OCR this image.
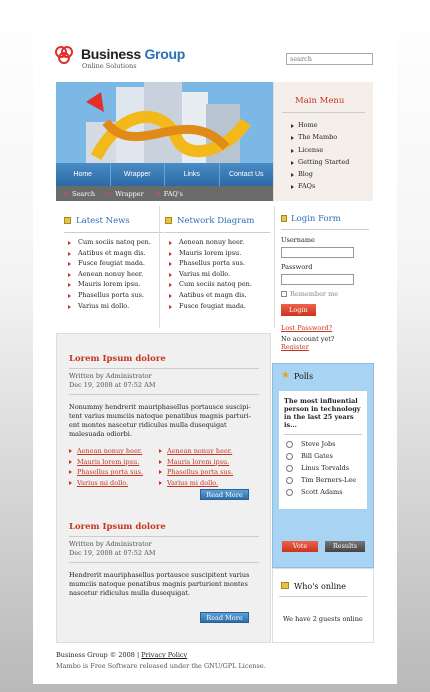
Business Group
Online Solutions
search
Home	Wrapper	Links	Contact Us
Search	Wrapper	FAQ's
Main Menu
Home
The Mambo
License
Getting Started
Blog
FAQs
Latest News
Cum sociis natoq pen.
Aatibus et magn dis.
Fusce feugiat mada.
Aenean nonuy heer.
Mauris lorem ipsu.
Phasellus porta sus.
Varius mi dollo.
Network Diagram
Aenean nonuy heer.
Mauris lorem ipsu.
Phasellus porta sus.
Varius mi dollo.
Cum sociis natoq pen.
Aatibus et magn dis.
Fusce feugiat mada.
Login Form
Username
Password
Remember me
Login
Lost Password?
No account yet?
Register
Lorem Ipsum dolore
Written by Administrator
Dec 19, 2008 at 07:52 AM

Nonummy hendrerit mauriphasellus portausce suscipi- tent varius mumciis natoque penatibus magnis parturi- ent montes nascetur ridiculus mulla dusequigat malesuada odiorbi.

Aenean nonuy heer.
Mauris lorem ipsu.
Phasellus porta sus.
Varius mi dollo.
Aenean nonuy heer.
Mauris lorem ipsu.
Phasellus porta sus.
Varius mi dollo.
Read More
Lorem Ipsum dolore
Written by Administrator
Dec 19, 2008 at 07:52 AM

Hendrerit mauriphasellus portausce suscipitent varius mumciis natoque penatibus magnis parturient montes nascetur ridiculus mulla dusequigat.

Read More
★ Polls
The most influential person in technology in the last 25 years is...
Steve Jobs
Bill Gates
Linus Torvalds
Tim Berners-Lee
Scott Adams
Vote	Results
Who's online
We have 2 guests online
Business Group © 2008 | Privacy Policy
Mambo is Free Software released under the GNU/GPL License.
